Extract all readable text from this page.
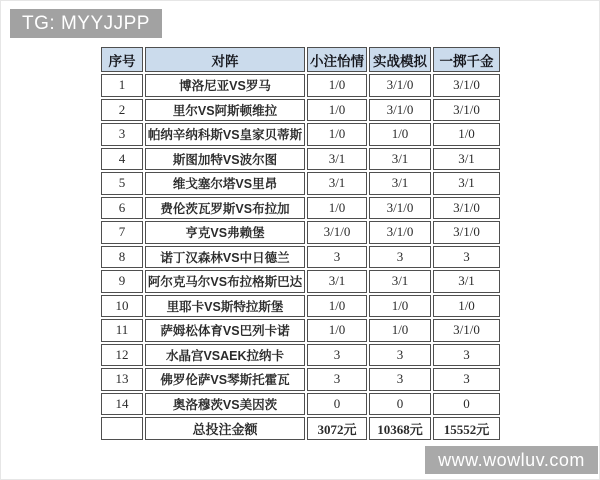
TG: MYYJJPP
序号	对阵	小注怡情	实战模拟	一掷千金
1	博洛尼亚VS罗马	1/0	3/1/0	3/1/0
2	里尔VS阿斯顿维拉	1/0	3/1/0	3/1/0
3	帕纳辛纳科斯VS皇家贝蒂斯	1/0	1/0	1/0
4	斯图加特VS波尔图	3/1	3/1	3/1
5	维戈塞尔塔VS里昂	3/1	3/1	3/1
6	费伦茨瓦罗斯VS布拉加	1/0	3/1/0	3/1/0
7	亨克VS弗赖堡	3/1/0	3/1/0	3/1/0
8	诺丁汉森林VS中日德兰	3	3	3
9	阿尔克马尔VS布拉格斯巴达	3/1	3/1	3/1
10	里耶卡VS斯特拉斯堡	1/0	1/0	1/0
11	萨姆松体育VS巴列卡诺	1/0	1/0	3/1/0
12	水晶宫VSAEK拉纳卡	3	3	3
13	佛罗伦萨VS琴斯托霍瓦	3	3	3
14	奥洛穆茨VS美因茨	0	0	0
	总投注金额	3072元	10368元	15552元
www.wowluv.com
